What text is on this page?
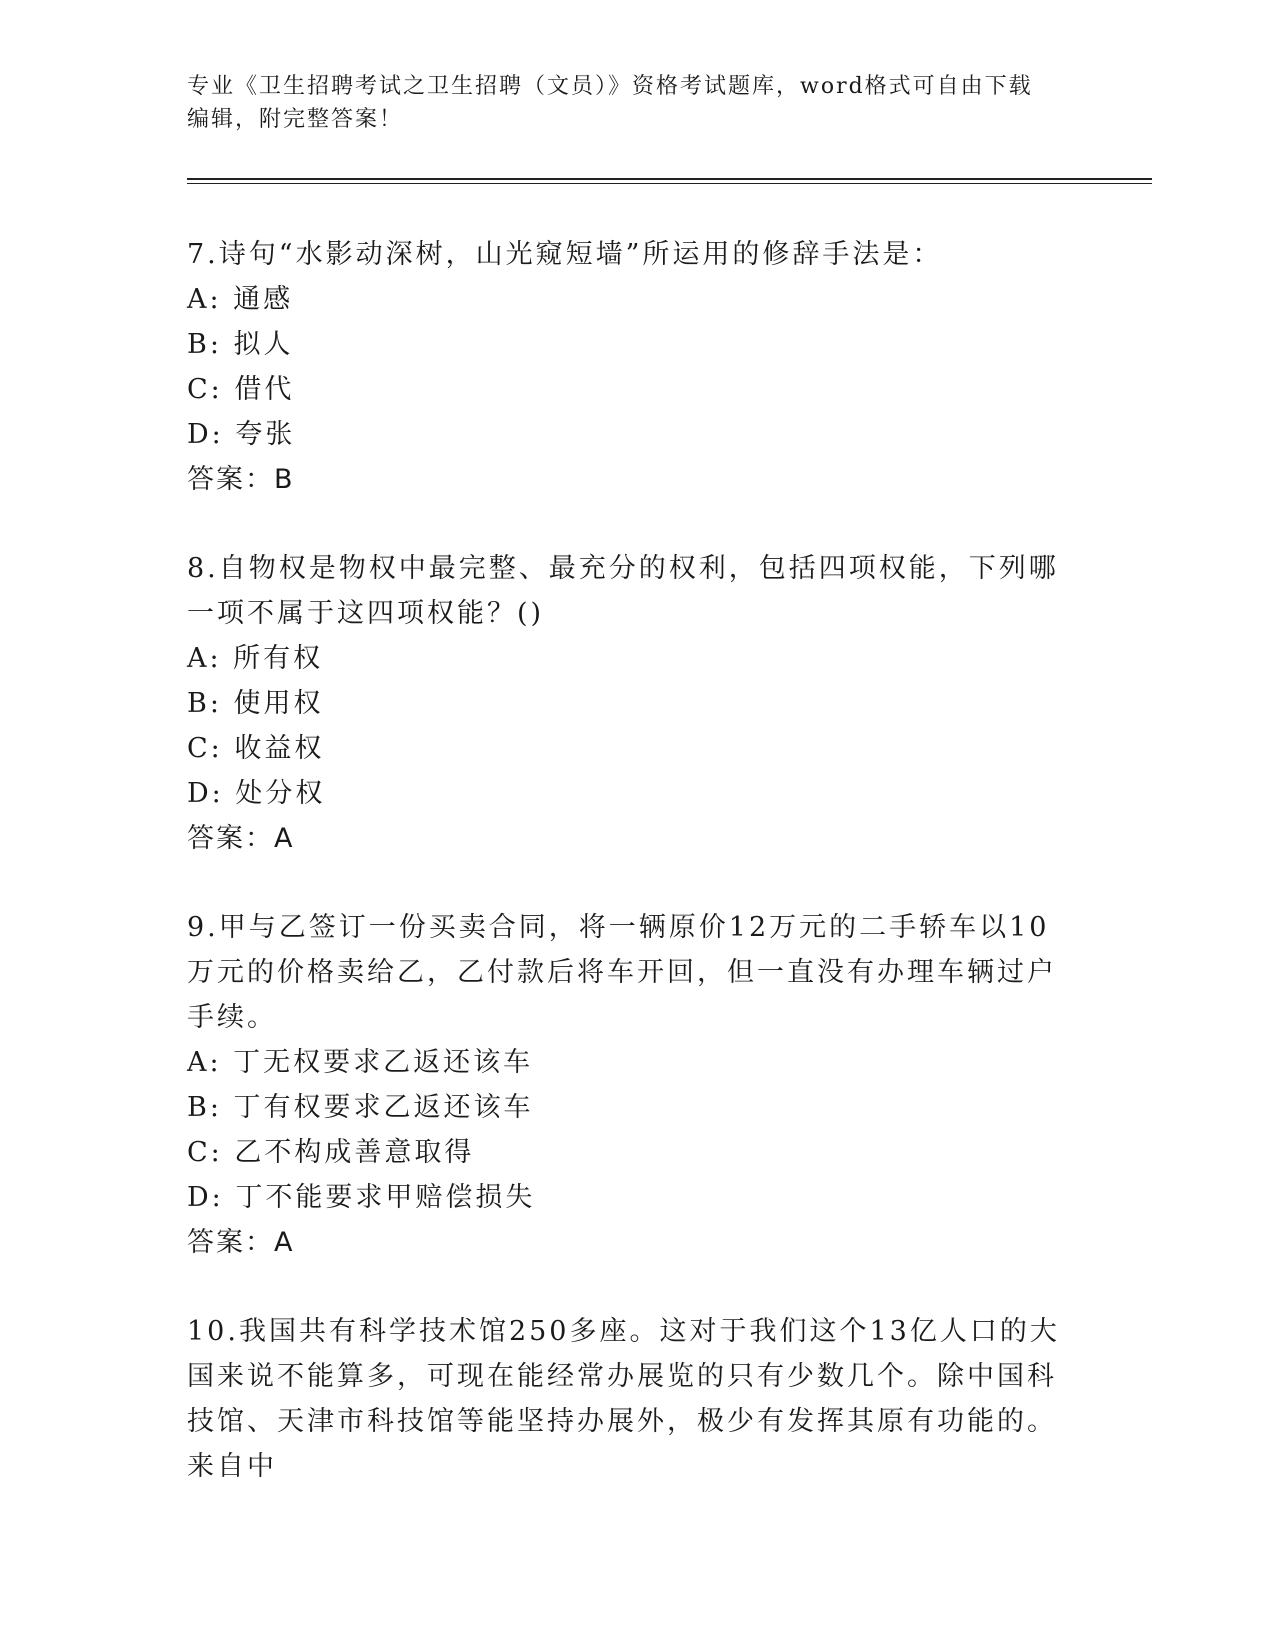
专业《卫生招聘考试之卫生招聘（文员）》资格考试题库，word格式可自由下载
编辑，附完整答案！
7.诗句“水影动深树，山光窥短墙”所运用的修辞手法是：
A: 通感
B: 拟人
C: 借代
D: 夸张
答案：B
8.自物权是物权中最完整、最充分的权利，包括四项权能，下列哪一项不属于这四项权能？()
A: 所有权
B: 使用权
C: 收益权
D: 处分权
答案：A
9.甲与乙签订一份买卖合同，将一辆原价12万元的二手轿车以10万元的价格卖给乙，乙付款后将车开回，但一直没有办理车辆过户手续。
A: 丁无权要求乙返还该车
B: 丁有权要求乙返还该车
C: 乙不构成善意取得
D: 丁不能要求甲赔偿损失
答案：A
10.我国共有科学技术馆250多座。这对于我们这个13亿人口的大国来说不能算多，可现在能经常办展览的只有少数几个。除中国科技馆、天津市科技馆等能坚持办展外，极少有发挥其原有功能的。来自中
